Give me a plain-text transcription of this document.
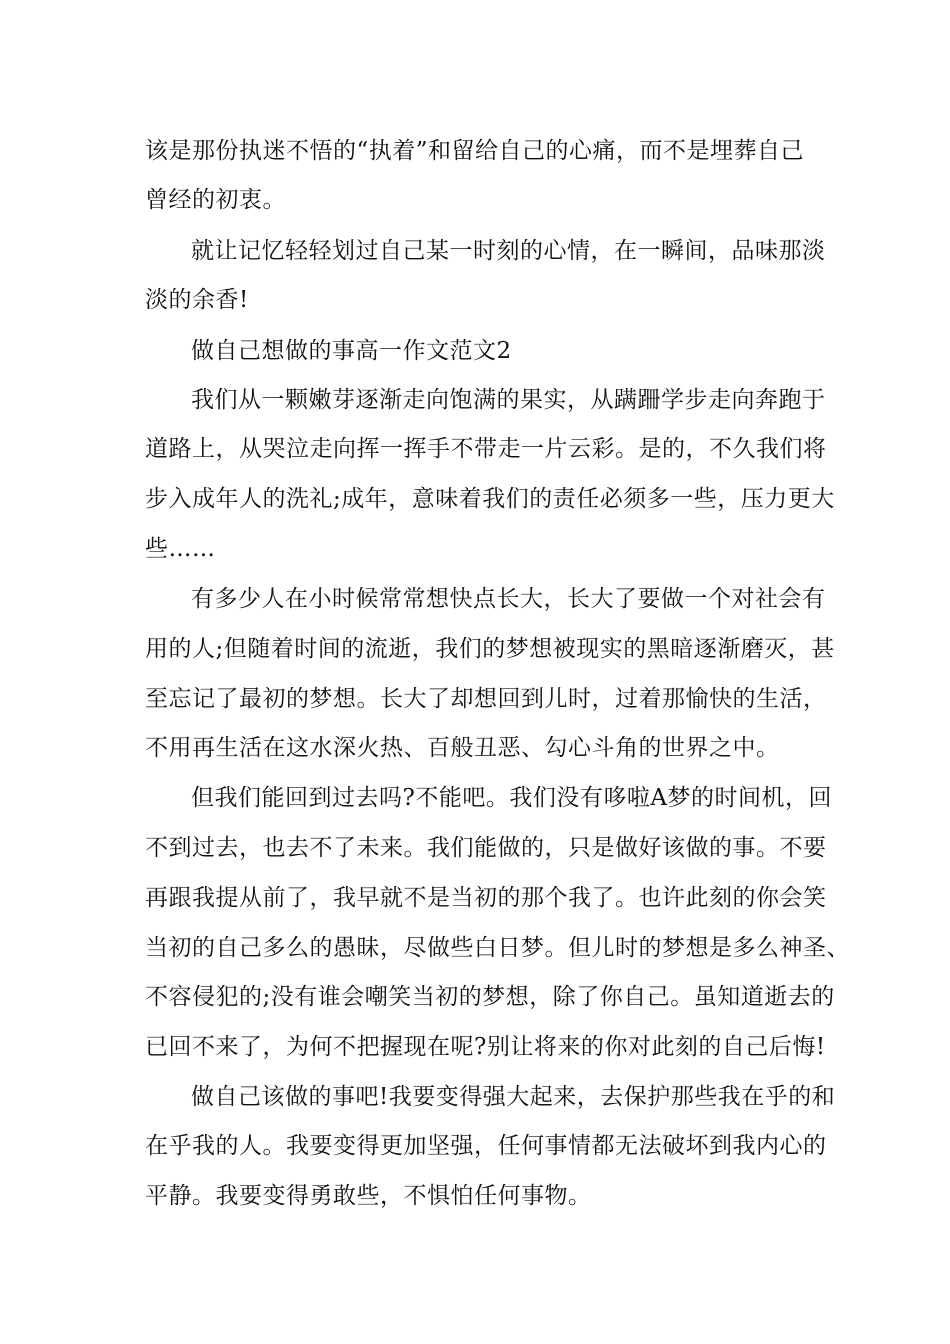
该是那份执迷不悟的“执着”和留给自己的心痛，而不是埋葬自己
曾经的初衷。
就让记忆轻轻划过自己某一时刻的心情，在一瞬间，品味那淡
淡的余香!
做自己想做的事高一作文范文2
我们从一颗嫩芽逐渐走向饱满的果实，从蹒跚学步走向奔跑于
道路上，从哭泣走向挥一挥手不带走一片云彩。是的，不久我们将
步入成年人的洗礼;成年，意味着我们的责任必须多一些，压力更大
些……
有多少人在小时候常常想快点长大，长大了要做一个对社会有
用的人;但随着时间的流逝，我们的梦想被现实的黑暗逐渐磨灭，甚
至忘记了最初的梦想。长大了却想回到儿时，过着那愉快的生活，
不用再生活在这水深火热、百般丑恶、勾心斗角的世界之中。
但我们能回到过去吗?不能吧。我们没有哆啦A梦的时间机，回
不到过去，也去不了未来。我们能做的，只是做好该做的事。不要
再跟我提从前了，我早就不是当初的那个我了。也许此刻的你会笑
当初的自己多么的愚昧，尽做些白日梦。但儿时的梦想是多么神圣、
不容侵犯的;没有谁会嘲笑当初的梦想，除了你自己。虽知道逝去的
已回不来了，为何不把握现在呢?别让将来的你对此刻的自己后悔!
做自己该做的事吧!我要变得强大起来，去保护那些我在乎的和
在乎我的人。我要变得更加坚强，任何事情都无法破坏到我内心的
平静。我要变得勇敢些，不惧怕任何事物。
